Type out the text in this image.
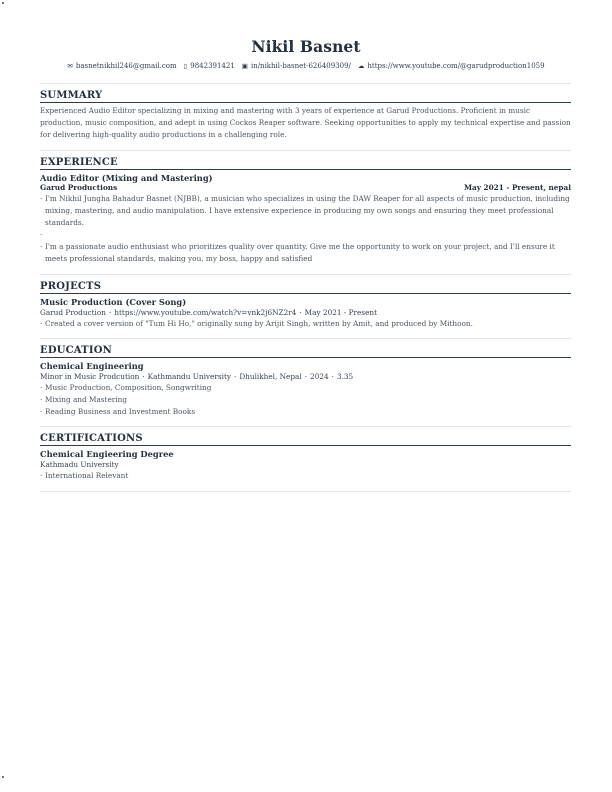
Nikil Basnet
✉ basnetnikhil246@gmail.com ▯ 9842391421 ▣ in/nikhil-basnet-626409309/ ☁ https://www.youtube.com/@garudproduction1059
SUMMARY
Experienced Audio Editor specializing in mixing and mastering with 3 years of experience at Garud Productions. Proficient in music production, music composition, and adept in using Cockos Reaper software. Seeking opportunities to apply my technical expertise and passion for delivering high-quality audio productions in a challenging role.
EXPERIENCE
Audio Editor (Mixing and Mastering)
Garud Productions	May 2021 - Present, nepal
· I'm Nikhil Jungha Bahadur Basnet (NJBB), a musician who specializes in using the DAW Reaper for all aspects of music production, including mixing, mastering, and audio manipulation. I have extensive experience in producing my own songs and ensuring they meet professional standards.
·
· I'm a passionate audio enthusiast who prioritizes quality over quantity. Give me the opportunity to work on your project, and I'll ensure it meets professional standards, making you, my boss, happy and satisfied
PROJECTS
Music Production (Cover Song)
Garud Production · https://www.youtube.com/watch?v=vnk2j6NZ2r4 · May 2021 - Present
· Created a cover version of "Tum Hi Ho," originally sung by Arijit Singh, written by Amit, and produced by Mithoon.
EDUCATION
Chemical Engineering
Minor in Music Prodcution · Kathmandu University · Dhulikhel, Nepal · 2024 · 3.35
· Music Production, Composition, Songwriting
· Mixing and Mastering
· Reading Business and Investment Books
CERTIFICATIONS
Chemical Engieering Degree
Kathmadu University
· International Relevant
